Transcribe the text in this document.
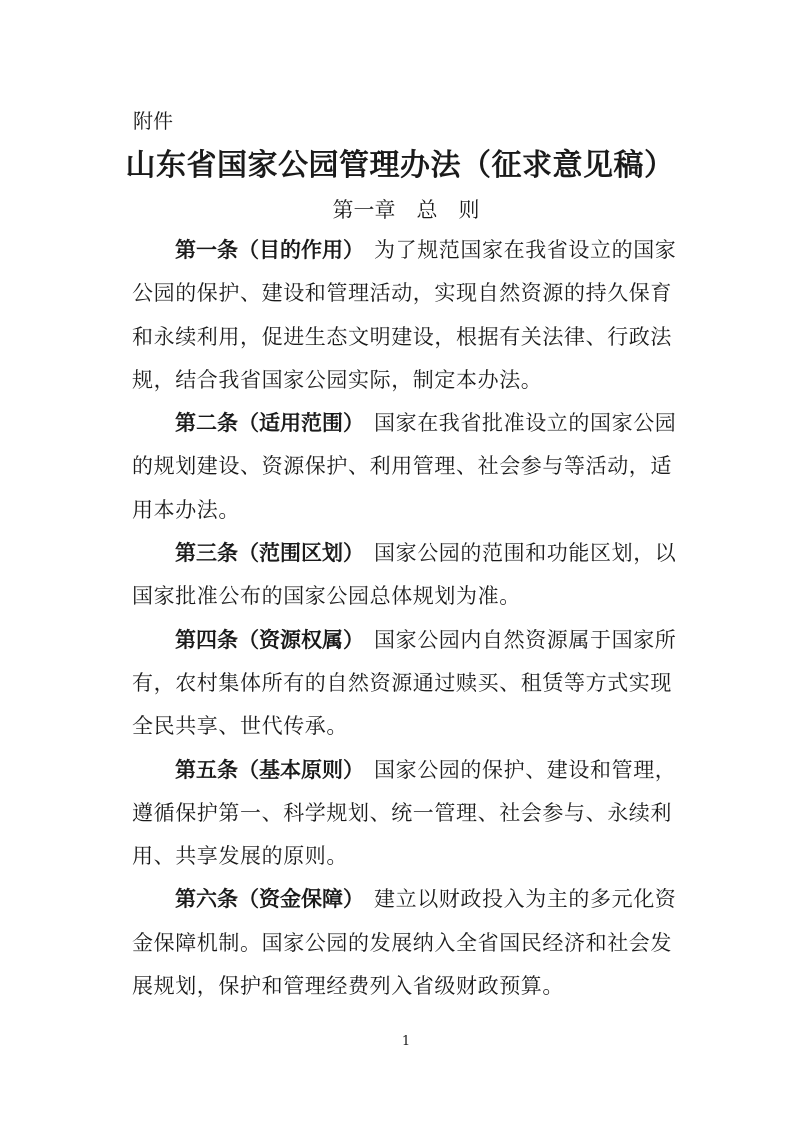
附件
山东省国家公园管理办法（征求意见稿）
第一章　总　则
第一条（目的作用） 为了规范国家在我省设立的国家
公园的保护、建设和管理活动，实现自然资源的持久保育
和永续利用，促进生态文明建设，根据有关法律、行政法
规，结合我省国家公园实际，制定本办法。
第二条（适用范围） 国家在我省批准设立的国家公园
的规划建设、资源保护、利用管理、社会参与等活动，适
用本办法。
第三条（范围区划） 国家公园的范围和功能区划，以
国家批准公布的国家公园总体规划为准。
第四条（资源权属） 国家公园内自然资源属于国家所
有，农村集体所有的自然资源通过赎买、租赁等方式实现
全民共享、世代传承。
第五条（基本原则） 国家公园的保护、建设和管理，
遵循保护第一、科学规划、统一管理、社会参与、永续利
用、共享发展的原则。
第六条（资金保障） 建立以财政投入为主的多元化资
金保障机制。国家公园的发展纳入全省国民经济和社会发
展规划，保护和管理经费列入省级财政预算。
1
